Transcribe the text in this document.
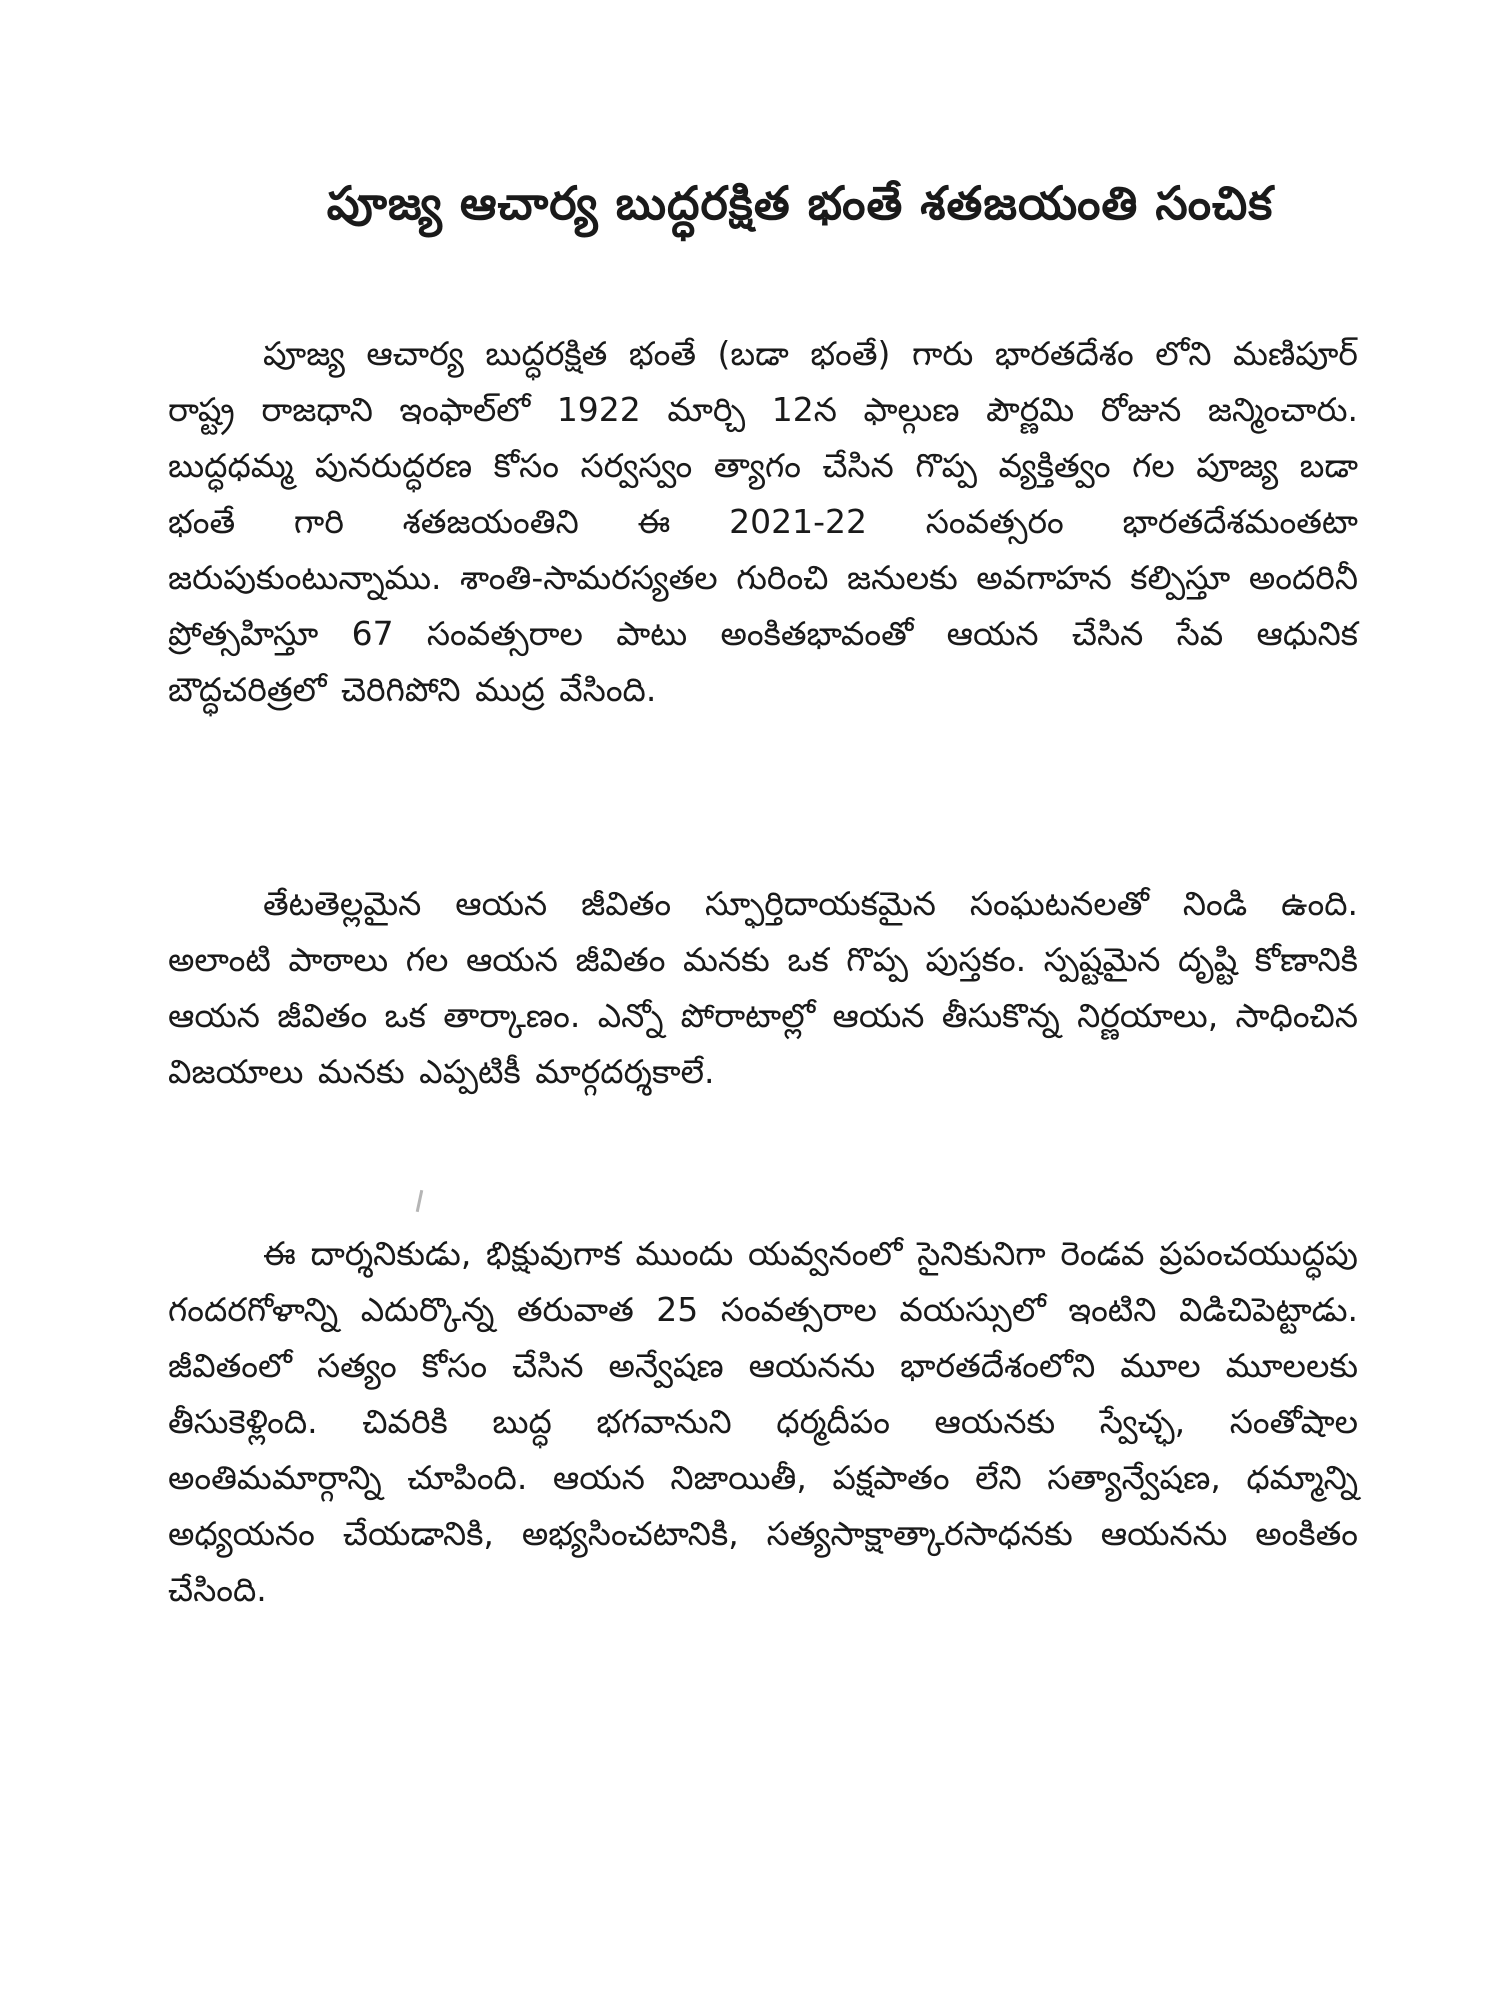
పూజ్య ఆచార్య బుద్ధరక్షిత భంతే శతజయంతి సంచిక

పూజ్య ఆచార్య బుద్ధరక్షిత భంతే (బడా భంతే) గారు భారతదేశం లోని మణిపూర్ రాష్ట్ర రాజధాని ఇంఫాల్‌లో 1922 మార్చి 12న ఫాల్గుణ పౌర్ణమి రోజున జన్మించారు. బుద్ధధమ్మ పునరుద్ధరణ కోసం సర్వస్వం త్యాగం చేసిన గొప్ప వ్యక్తిత్వం గల పూజ్య బడా భంతే గారి శతజయంతిని ఈ 2021-22 సంవత్సరం భారతదేశమంతటా జరుపుకుంటున్నాము. శాంతి-సామరస్యతల గురించి జనులకు అవగాహన కల్పిస్తూ అందరినీ ప్రోత్సహిస్తూ 67 సంవత్సరాల పాటు అంకితభావంతో ఆయన చేసిన సేవ ఆధునిక బౌద్ధచరిత్రలో చెరిగిపోని ముద్ర వేసింది.

తేటతెల్లమైన ఆయన జీవితం స్ఫూర్తిదాయకమైన సంఘటనలతో నిండి ఉంది. అలాంటి పాఠాలు గల ఆయన జీవితం మనకు ఒక గొప్ప పుస్తకం. స్పష్టమైన దృష్టి కోణానికి ఆయన జీవితం ఒక తార్కాణం. ఎన్నో పోరాటాల్లో ఆయన తీసుకొన్న నిర్ణయాలు, సాధించిన విజయాలు మనకు ఎప్పటికీ మార్గదర్శకాలే.

ఈ దార్శనికుడు, భిక్షువుగాక ముందు యవ్వనంలో సైనికునిగా రెండవ ప్రపంచయుద్ధపు గందరగోళాన్ని ఎదుర్కొన్న తరువాత 25 సంవత్సరాల వయస్సులో ఇంటిని విడిచిపెట్టాడు. జీవితంలో సత్యం కోసం చేసిన అన్వేషణ ఆయనను భారతదేశంలోని మూల మూలలకు తీసుకెళ్లింది. చివరికి బుద్ధ భగవానుని ధర్మదీపం ఆయనకు స్వేచ్ఛ, సంతోషాల అంతిమమార్గాన్ని చూపింది. ఆయన నిజాయితీ, పక్షపాతం లేని సత్యాన్వేషణ, ధమ్మాన్ని అధ్యయనం చేయడానికి, అభ్యసించటానికి, సత్యసాక్షాత్కారసాధనకు ఆయనను అంకితం చేసింది.
